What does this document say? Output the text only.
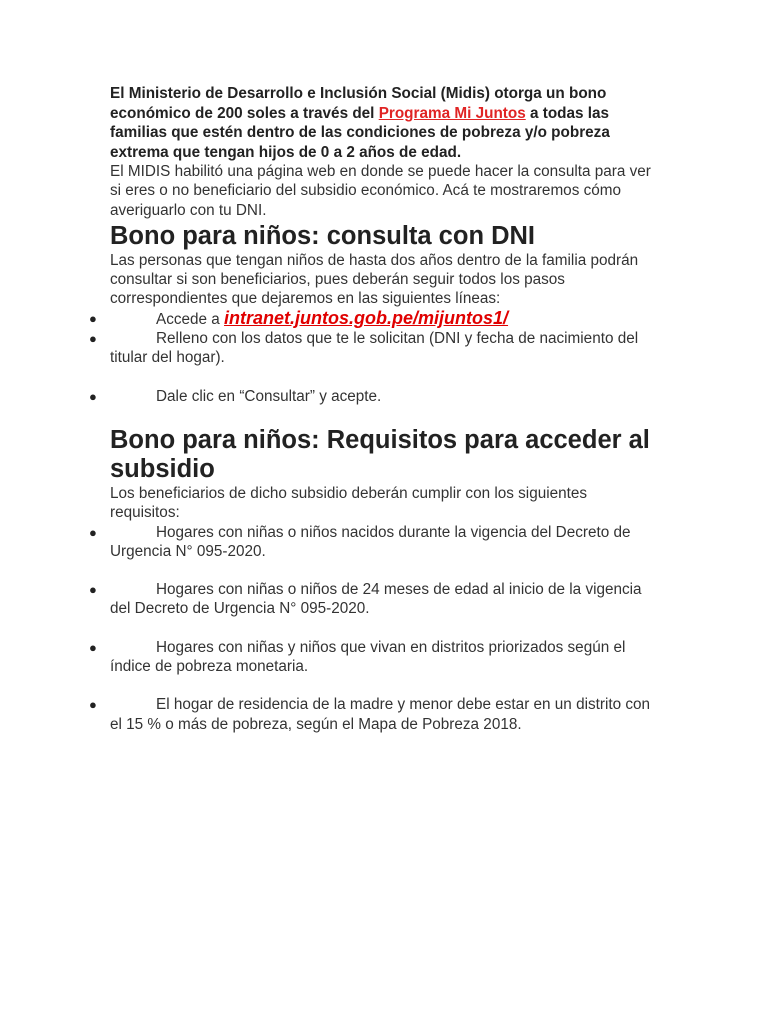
El Ministerio de Desarrollo e Inclusión Social (Midis) otorga un bono económico de 200 soles a través del Programa Mi Juntos a todas las familias que estén dentro de las condiciones de pobreza y/o pobreza extrema que tengan hijos de 0 a 2 años de edad.

El MIDIS habilitó una página web en donde se puede hacer la consulta para ver si eres o no beneficiario del subsidio económico. Acá te mostraremos cómo averiguarlo con tu DNI.

Bono para niños: consulta con DNI

Las personas que tengan niños de hasta dos años dentro de la familia podrán consultar si son beneficiarios, pues deberán seguir todos los pasos correspondientes que dejaremos en las siguientes líneas:

●	Accede a intranet.juntos.gob.pe/mijuntos1/
●	Relleno con los datos que te le solicitan (DNI y fecha de nacimiento del titular del hogar).
●	Dale clic en “Consultar” y acepte.
Bono para niños: Requisitos para acceder al subsidio

Los beneficiarios de dicho subsidio deberán cumplir con los siguientes requisitos:

●	Hogares con niñas o niños nacidos durante la vigencia del Decreto de Urgencia N° 095-2020.
●	Hogares con niñas o niños de 24 meses de edad al inicio de la vigencia del Decreto de Urgencia N° 095-2020.
●	Hogares con niñas y niños que vivan en distritos priorizados según el índice de pobreza monetaria.
●	El hogar de residencia de la madre y menor debe estar en un distrito con el 15 % o más de pobreza, según el Mapa de Pobreza 2018.
